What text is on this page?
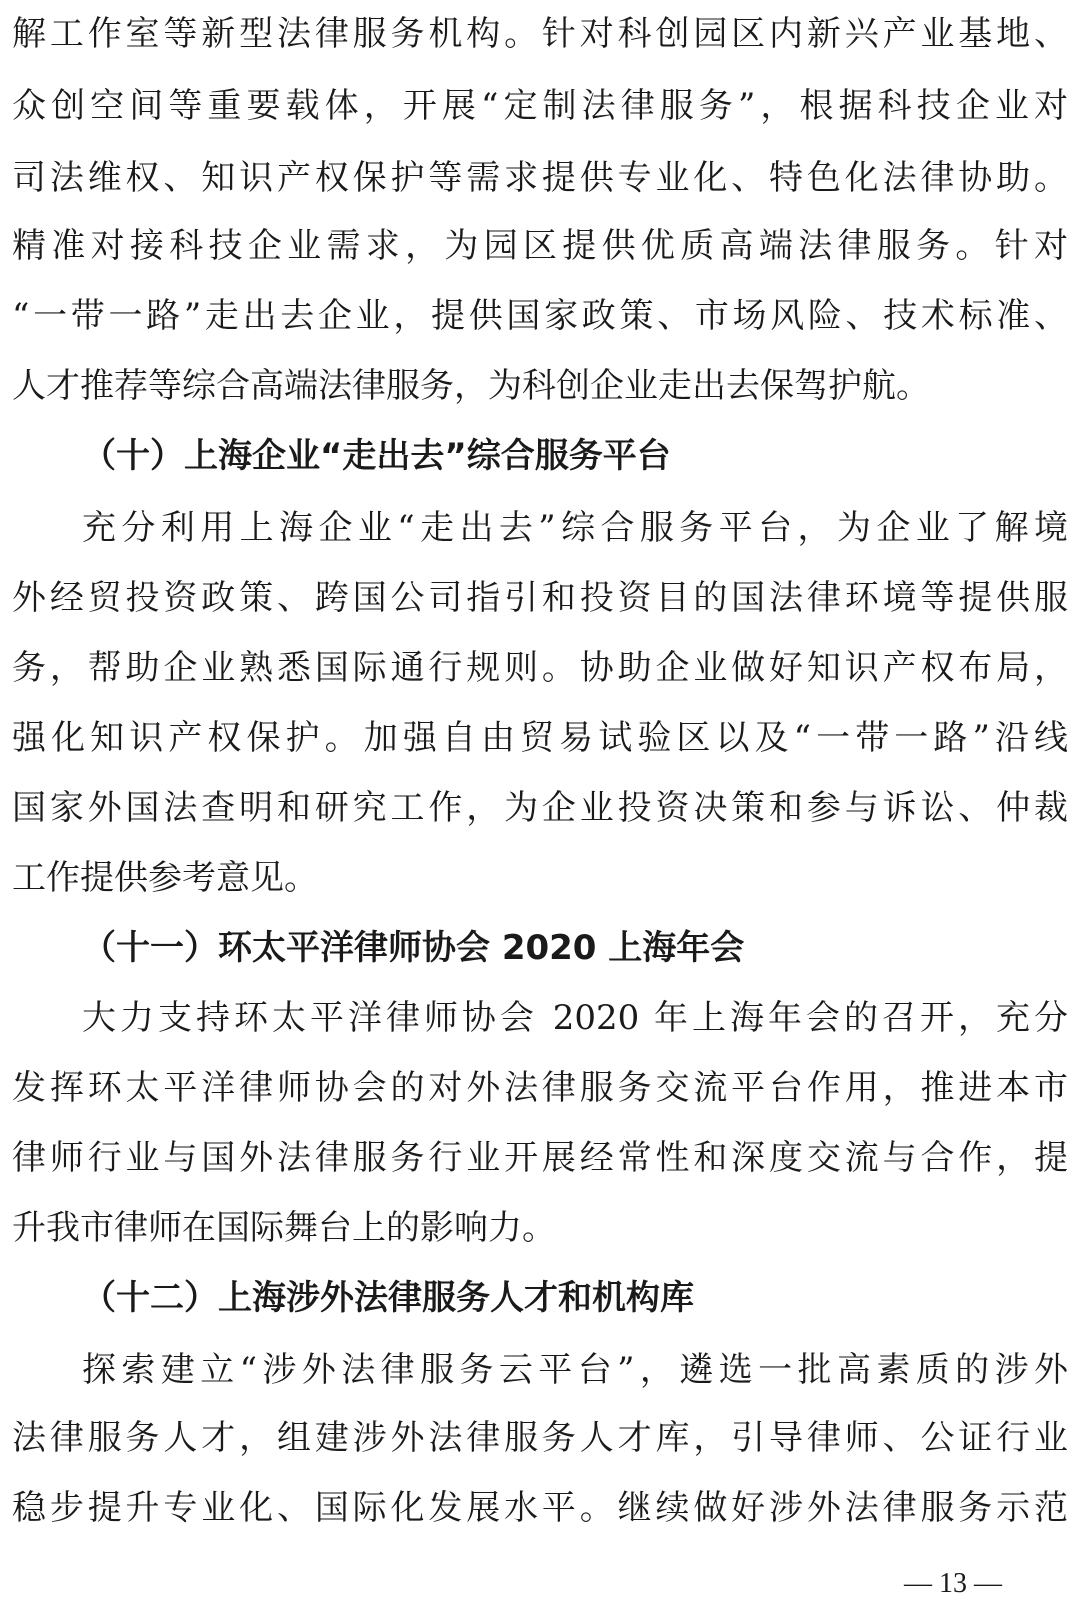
解工作室等新型法律服务机构。针对科创园区内新兴产业基地、
众创空间等重要载体，开展“定制法律服务”，根据科技企业对
司法维权、知识产权保护等需求提供专业化、特色化法律协助。
精准对接科技企业需求，为园区提供优质高端法律服务。针对
“一带一路”走出去企业，提供国家政策、市场风险、技术标准、
人才推荐等综合高端法律服务，为科创企业走出去保驾护航。
（十）上海企业“走出去”综合服务平台
充分利用上海企业“走出去”综合服务平台，为企业了解境
外经贸投资政策、跨国公司指引和投资目的国法律环境等提供服
务，帮助企业熟悉国际通行规则。协助企业做好知识产权布局，
强化知识产权保护。加强自由贸易试验区以及“一带一路”沿线
国家外国法查明和研究工作，为企业投资决策和参与诉讼、仲裁
工作提供参考意见。
（十一）环太平洋律师协会 2020 上海年会
大力支持环太平洋律师协会 2020 年上海年会的召开，充分
发挥环太平洋律师协会的对外法律服务交流平台作用，推进本市
律师行业与国外法律服务行业开展经常性和深度交流与合作，提
升我市律师在国际舞台上的影响力。
（十二）上海涉外法律服务人才和机构库
探索建立“涉外法律服务云平台”，遴选一批高素质的涉外
法律服务人才，组建涉外法律服务人才库，引导律师、公证行业
稳步提升专业化、国际化发展水平。继续做好涉外法律服务示范
— 13 —
